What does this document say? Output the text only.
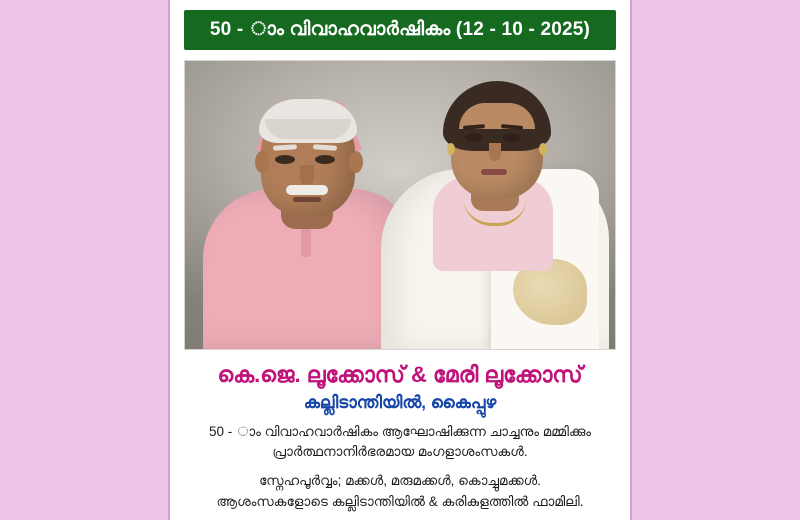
50 - ാം വിവാഹവാർഷികം (12 - 10 - 2025)
കെ.ജെ. ലൂക്കോസ് & മേരി ലൂക്കോസ്
കല്ലിടാന്തിയിൽ, കൈപ്പുഴ
50 - ാം വിവാഹവാർഷികം ആഘോഷിക്കുന്ന ചാച്ചനും മമ്മിക്കും
പ്രാർത്ഥനാനിർഭരമായ മംഗളാശംസകൾ.
സ്നേഹപൂർവ്വം; മക്കൾ, മരുമക്കൾ, കൊച്ചുമക്കൾ.
ആശംസകളോടെ കല്ലിടാന്തിയിൽ & കരികുളത്തിൽ ഫാമിലി.
